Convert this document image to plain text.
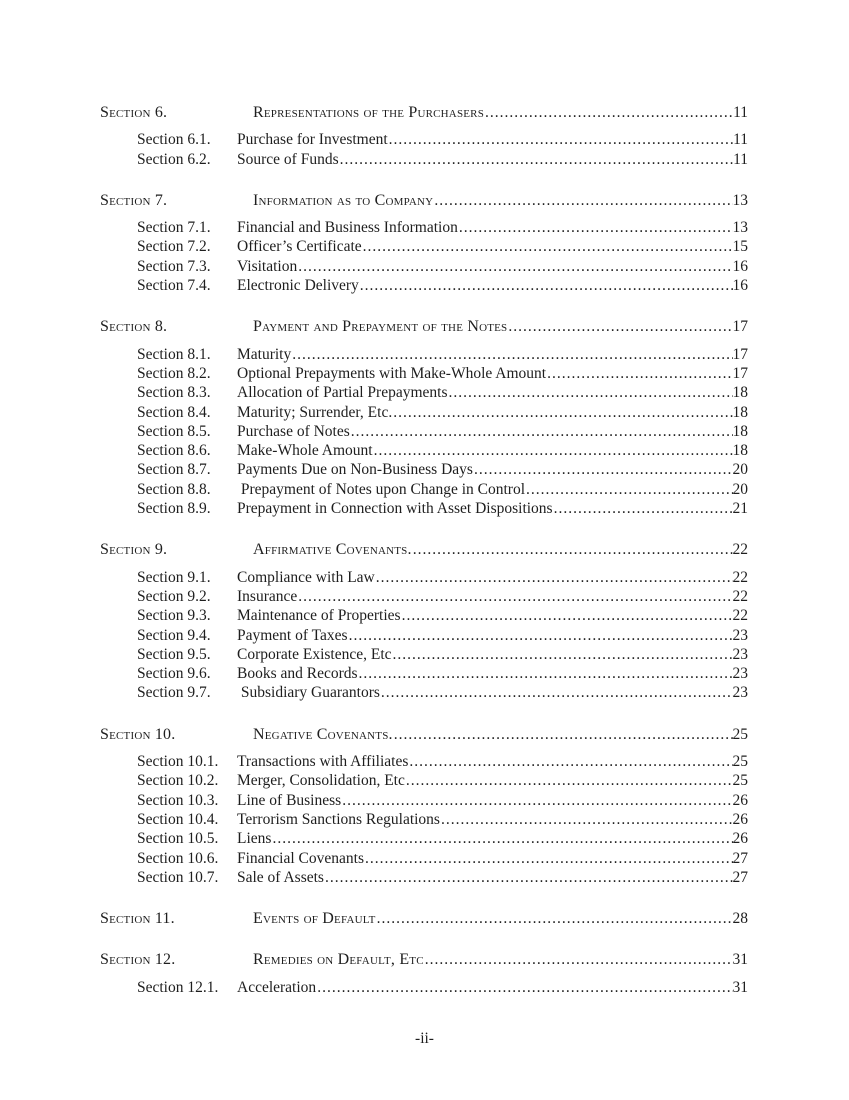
Section 6.	Representations of the Purchasers .....	11
Section 6.1.	Purchase for Investment .....	11
Section 6.2.	Source of Funds .....	11
Section 7.	Information as to Company .....	13
Section 7.1.	Financial and Business Information .....	13
Section 7.2.	Officer’s Certificate .....	15
Section 7.3.	Visitation .....	16
Section 7.4.	Electronic Delivery .....	16
Section 8.	Payment and Prepayment of the Notes .....	17
Section 8.1.	Maturity .....	17
Section 8.2.	Optional Prepayments with Make-Whole Amount .....	17
Section 8.3.	Allocation of Partial Prepayments .....	18
Section 8.4.	Maturity; Surrender, Etc. .....	18
Section 8.5.	Purchase of Notes .....	18
Section 8.6.	Make-Whole Amount .....	18
Section 8.7.	Payments Due on Non-Business Days .....	20
Section 8.8.	Prepayment of Notes upon Change in Control .....	20
Section 8.9.	Prepayment in Connection with Asset Dispositions .....	21
Section 9.	Affirmative Covenants. .....	22
Section 9.1.	Compliance with Law .....	22
Section 9.2.	Insurance .....	22
Section 9.3.	Maintenance of Properties .....	22
Section 9.4.	Payment of Taxes .....	23
Section 9.5.	Corporate Existence, Etc .....	23
Section 9.6.	Books and Records .....	23
Section 9.7.	Subsidiary Guarantors .....	23
Section 10.	Negative Covenants. .....	25
Section 10.1.	Transactions with Affiliates .....	25
Section 10.2.	Merger, Consolidation, Etc .....	25
Section 10.3.	Line of Business .....	26
Section 10.4.	Terrorism Sanctions Regulations .....	26
Section 10.5.	Liens .....	26
Section 10.6.	Financial Covenants .....	27
Section 10.7.	Sale of Assets .....	27
Section 11.	Events of Default .....	28
Section 12.	Remedies on Default, Etc .....	31
Section 12.1.	Acceleration .....	31
-ii-
